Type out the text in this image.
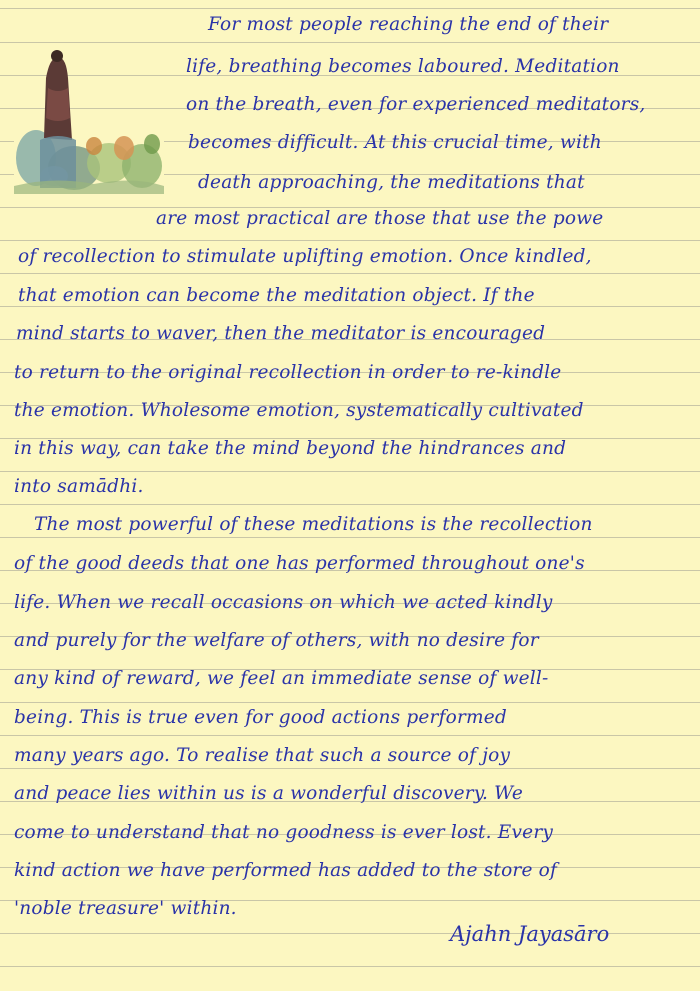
For most people reaching the end of their
life, breathing becomes laboured. Meditation
on the breath, even for experienced meditators,
becomes difficult. At this crucial time, with
death approaching, the meditations that
are most practical are those that use the powe
of recollection to stimulate uplifting emotion. Once kindled,
that emotion can become the meditation object. If the
mind starts to waver, then the meditator is encouraged
to return to the original recollection in order to re-kindle
the emotion. Wholesome emotion, systematically cultivated
in this way, can take the mind beyond the hindrances and
into samādhi.
The most powerful of these meditations is the recollection
of the good deeds that one has performed throughout one's
life. When we recall occasions on which we acted kindly
and purely for the welfare of others, with no desire for
any kind of reward, we feel an immediate sense of well-
being. This is true even for good actions performed
many years ago. To realise that such a source of joy
and peace lies within us is a wonderful discovery. We
come to understand that no goodness is ever lost. Every
kind action we have performed has added to the store of
'noble treasure' within.
Ajahn Jayasāro
